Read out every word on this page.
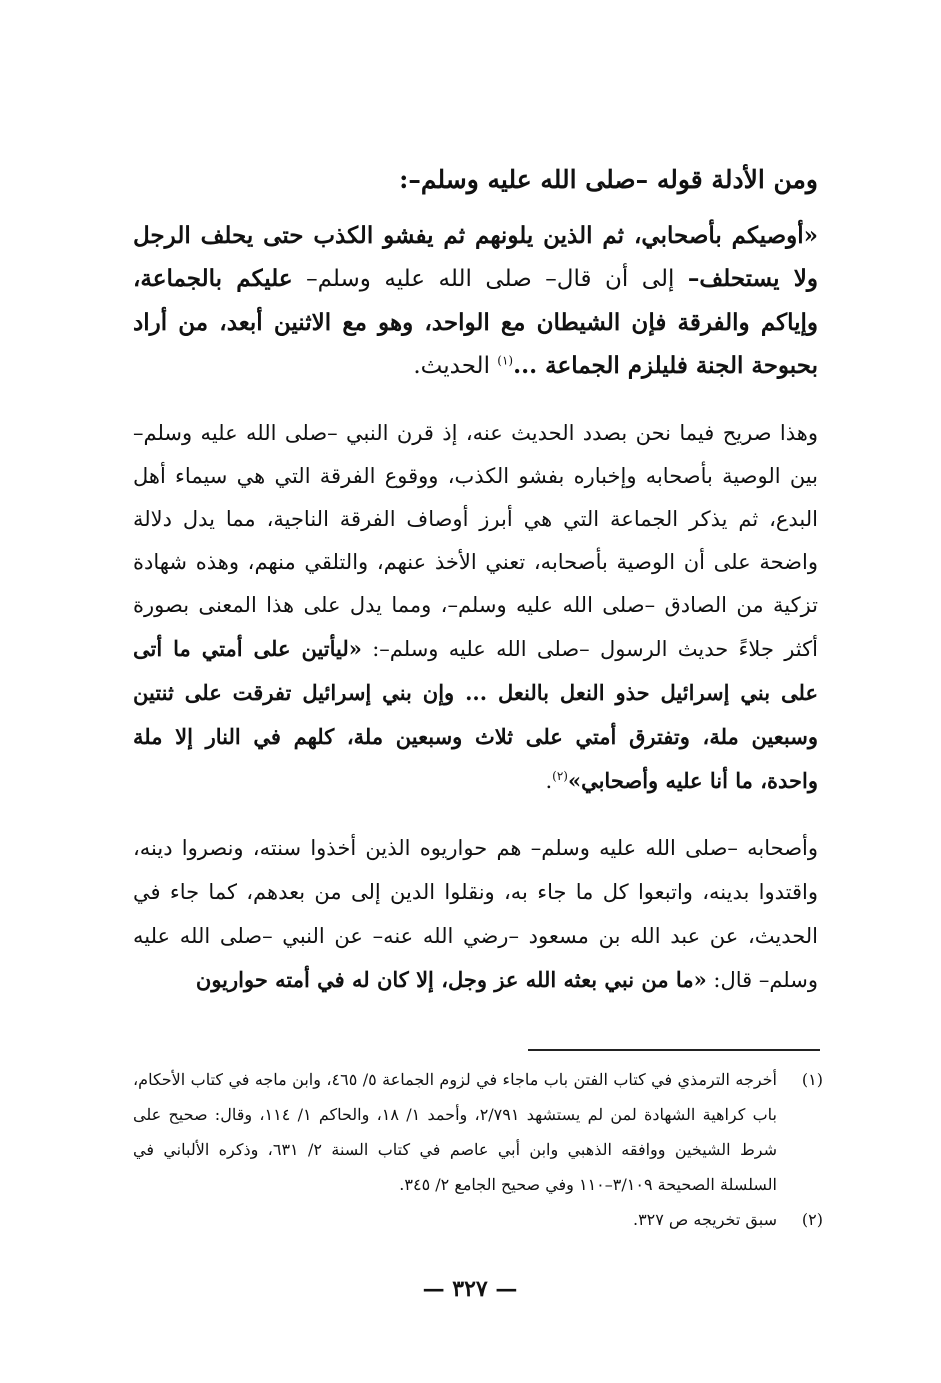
ومن الأدلة قوله –صلى الله عليه وسلم–:
«أوصيكم بأصحابي، ثم الذين يلونهم ثم يفشو الكذب حتى يحلف الرجل ولا يستحلف– إلى أن قال– صلى الله عليه وسلم– عليكم بالجماعة، وإياكم والفرقة فإن الشيطان مع الواحد، وهو مع الاثنين أبعد، من أراد بحبوحة الجنة فليلزم الجماعة ...$^{(١)}$ الحديث.
وهذا صريح فيما نحن بصدد الحديث عنه، إذ قرن النبي –صلى الله عليه وسلم– بين الوصية بأصحابه وإخباره بفشو الكذب، ووقوع الفرقة التي هي سيماء أهل البدع، ثم يذكر الجماعة التي هي أبرز أوصاف الفرقة الناجية، مما يدل دلالة واضحة على أن الوصية بأصحابه، تعني الأخذ عنهم، والتلقي منهم، وهذه شهادة تزكية من الصادق –صلى الله عليه وسلم–، ومما يدل على هذا المعنى بصورة أكثر جلاءً حديث الرسول –صلى الله عليه وسلم–: «ليأتين على أمتي ما أتى على بني إسرائيل حذو النعل بالنعل ... وإن بني إسرائيل تفرقت على ثنتين وسبعين ملة، وتفترق أمتي على ثلاث وسبعين ملة، كلهم في النار إلا ملة واحدة، ما أنا عليه وأصحابي»$^{(٢)}$.
وأصحابه –صلى الله عليه وسلم– هم حواريوه الذين أخذوا سنته، ونصروا دينه، واقتدوا بدينه، واتبعوا كل ما جاء به، ونقلوا الدين إلى من بعدهم، كما جاء في الحديث، عن عبد الله بن مسعود –رضي الله عنه– عن النبي –صلى الله عليه وسلم– قال: «ما من نبي بعثه الله عز وجل، إلا كان له في أمته حواريون
(١)
أخرجه الترمذي في كتاب الفتن باب ماجاء في لزوم الجماعة ٥/ ٤٦٥، وابن ماجه في كتاب الأحكام، باب كراهية الشهادة لمن لم يستشهد ٢/٧٩١، وأحمد ١/ ١٨، والحاكم ١/ ١١٤، وقال: صحيح على شرط الشيخين ووافقه الذهبي وابن أبي عاصم في كتاب السنة ٢/ ٦٣١، وذكره الألباني في السلسلة الصحيحة ٣/١٠٩–١١٠ وفي صحيح الجامع ٢/ ٣٤٥.
(٢)
سبق تخريجه ص ٣٢٧.
— ٣٢٧ —
